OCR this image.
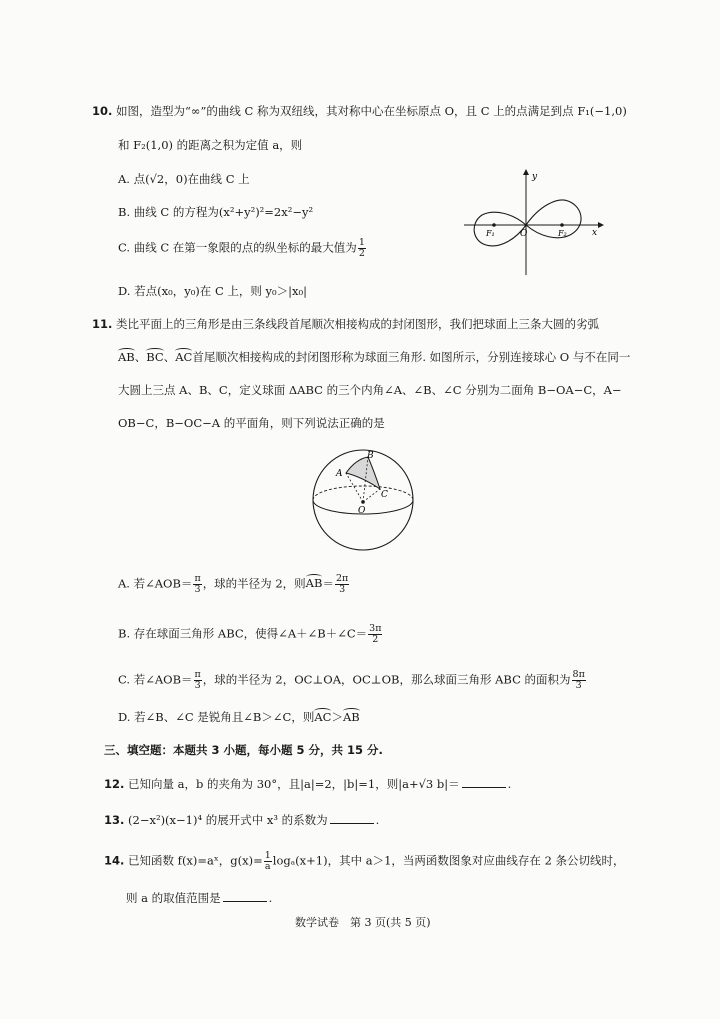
10. 如图，造型为“∞”的曲线 C 称为双纽线，其对称中心在坐标原点 O，且 C 上的点满足到点 F₁(−1,0)
和 F₂(1,0) 的距离之积为定值 a，则
A. 点(√2，0)在曲线 C 上
B. 曲线 C 的方程为(x²+y²)²=2x²−y²
C. 曲线 C 在第一象限的点的纵坐标的最大值为 $\frac{1}{2}$
D. 若点(x₀，y₀)在 C 上，则 y₀＞|x₀|
y
x
O
F₁	F₂
11. 类比平面上的三角形是由三条线段首尾顺次相接构成的封闭图形，我们把球面上三条大圆的劣弧
AB、BC、AC首尾顺次相接构成的封闭图形称为球面三角形. 如图所示，分别连接球心 O 与不在同一
大圆上三点 A、B、C，定义球面 ΔABC 的三个内角∠A、∠B、∠C 分别为二面角 B−OA−C，A−
OB−C，B−OC−A 的平面角，则下列说法正确的是
A
B
C
O
A. 若∠AOB＝ $\frac{\pi}{3}$ ，球的半径为 2，则$AB= \frac{2\pi}{3}$
B. 存在球面三角形 ABC，使得∠A＋∠B＋∠C＝ $\frac{3\pi}{2}$
C. 若∠AOB＝ $\frac{\pi}{3}$ ，球的半径为 2，OC⊥OA，OC⊥OB，那么球面三角形 ABC 的面积为 $\frac{8\pi}{3}$
D. 若∠B、∠C 是锐角且∠B＞∠C，则AC＞AB
三、填空题：本题共 3 小题，每小题 5 分，共 15 分.
12. 已知向量 a，b 的夹角为 30°，且|a|=2，|b|=1，则|a+√3 b|＝	.
13. (2−x²)(x−1)⁴ 的展开式中 x³ 的系数为	.
14. 已知函数 f(x)=aˣ，$g(x)= \frac{1}{a} \log_a(x+1)$，其中 a＞1，当两函数图象对应曲线存在 2 条公切线时，
则 a 的取值范围是	.
数学试卷　第 3 页(共 5 页)
